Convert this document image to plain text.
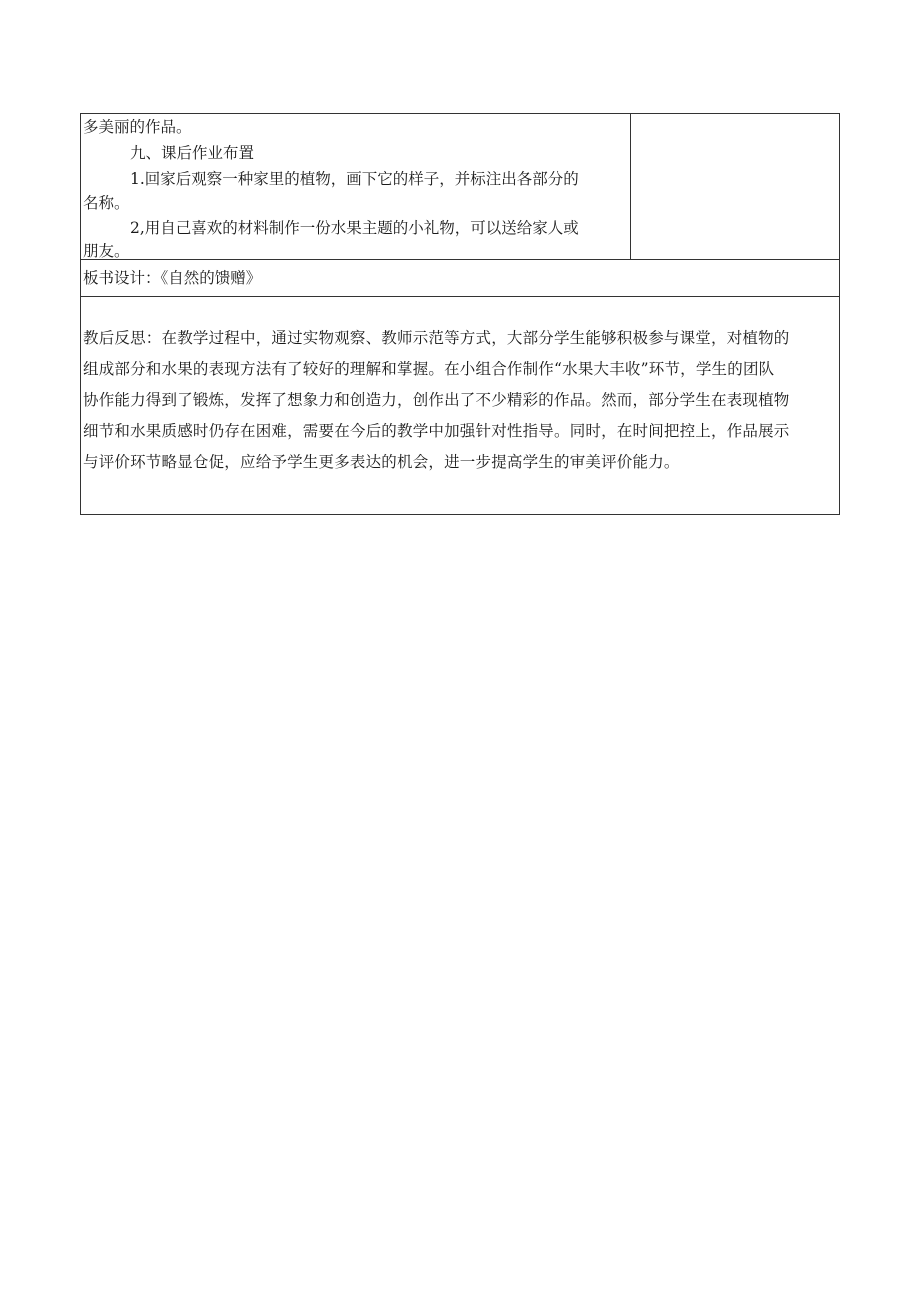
多美丽的作品。
九、课后作业布置
1.回家后观察一种家里的植物，画下它的样子，并标注出各部分的
名称。
2,用自己喜欢的材料制作一份水果主题的小礼物，可以送给家人或
朋友。
板书设计：《自然的馈赠》
教后反思：在教学过程中，通过实物观察、教师示范等方式，大部分学生能够积极参与课堂，对植物的
组成部分和水果的表现方法有了较好的理解和掌握。在小组合作制作“水果大丰收”环节，学生的团队
协作能力得到了锻炼，发挥了想象力和创造力，创作出了不少精彩的作品。然而，部分学生在表现植物
细节和水果质感时仍存在困难，需要在今后的教学中加强针对性指导。同时，在时间把控上，作品展示
与评价环节略显仓促，应给予学生更多表达的机会，进一步提高学生的审美评价能力。
